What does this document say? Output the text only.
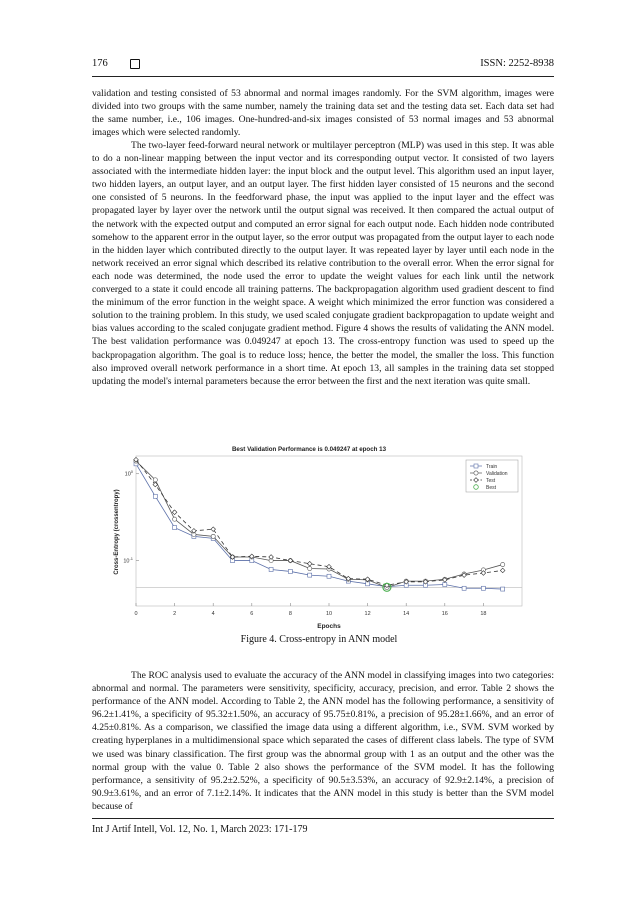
176	ISSN: 2252-8938

validation and testing consisted of 53 abnormal and normal images randomly. For the SVM algorithm, images were divided into two groups with the same number, namely the training data set and the testing data set. Each data set had the same number, i.e., 106 images. One-hundred-and-six images consisted of 53 normal images and 53 abnormal images which were selected randomly.

The two-layer feed-forward neural network or multilayer perceptron (MLP) was used in this step. It was able to do a non-linear mapping between the input vector and its corresponding output vector. It consisted of two layers associated with the intermediate hidden layer: the input block and the output level. This algorithm used an input layer, two hidden layers, an output layer, and an output layer. The first hidden layer consisted of 15 neurons and the second one consisted of 5 neurons. In the feedforward phase, the input was applied to the input layer and the effect was propagated layer by layer over the network until the output signal was received. It then compared the actual output of the network with the expected output and computed an error signal for each output node. Each hidden node contributed somehow to the apparent error in the output layer, so the error output was propagated from the output layer to each node in the hidden layer which contributed directly to the output layer. It was repeated layer by layer until each node in the network received an error signal which described its relative contribution to the overall error. When the error signal for each node was determined, the node used the error to update the weight values for each link until the network converged to a state it could encode all training patterns. The backpropagation algorithm used gradient descent to find the minimum of the error function in the weight space. A weight which minimized the error function was considered a solution to the training problem. In this study, we used scaled conjugate gradient backpropagation to update weight and bias values according to the scaled conjugate gradient method. Figure 4 shows the results of validating the ANN model. The best validation performance was 0.049247 at epoch 13. The cross-entropy function was used to speed up the backpropagation algorithm. The goal is to reduce loss; hence, the better the model, the smaller the loss. This function also improved overall network performance in a short time. At epoch 13, all samples in the training data set stopped updating the model's internal parameters because the error between the first and the next iteration was quite small.

Best Validation Performance is 0.049247 at epoch 13
Cross-Entropy (crossentropy)
Epochs
0	2	4	6	8	10	12	14	16	18
$10^0$
$10^{-1}$
Train
Validation
Test
Best
Figure 4. Cross-entropy in ANN model

The ROC analysis used to evaluate the accuracy of the ANN model in classifying images into two categories: abnormal and normal. The parameters were sensitivity, specificity, accuracy, precision, and error. Table 2 shows the performance of the ANN model. According to Table 2, the ANN model has the following performance, a sensitivity of 96.2±1.41%, a specificity of 95.32±1.50%, an accuracy of 95.75±0.81%, a precision of 95.28±1.66%, and an error of 4.25±0.81%. As a comparison, we classified the image data using a different algorithm, i.e., SVM. SVM worked by creating hyperplanes in a multidimensional space which separated the cases of different class labels. The type of SVM we used was binary classification. The first group was the abnormal group with 1 as an output and the other was the normal group with the value 0. Table 2 also shows the performance of the SVM model. It has the following performance, a sensitivity of 95.2±2.52%, a specificity of 90.5±3.53%, an accuracy of 92.9±2.14%, a precision of 90.9±3.61%, and an error of 7.1±2.14%. It indicates that the ANN model in this study is better than the SVM model because of

Int J Artif Intell, Vol. 12, No. 1, March 2023: 171-179
